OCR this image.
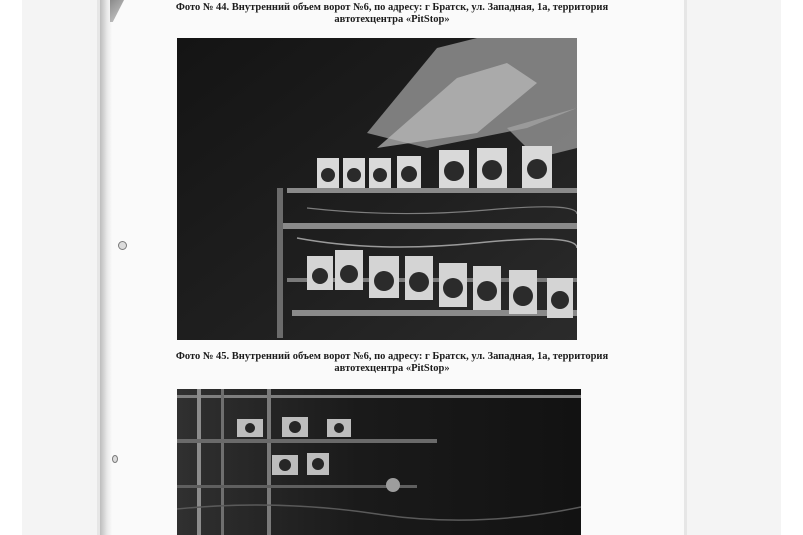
Фото № 44. Внутренний объем ворот №6, по адресу: г Братск, ул. Западная, 1а, территория
автотехцентра «PitStop»

Фото № 45. Внутренний объем ворот №6, по адресу: г Братск, ул. Западная, 1а, территория
автотехцентра «PitStop»
